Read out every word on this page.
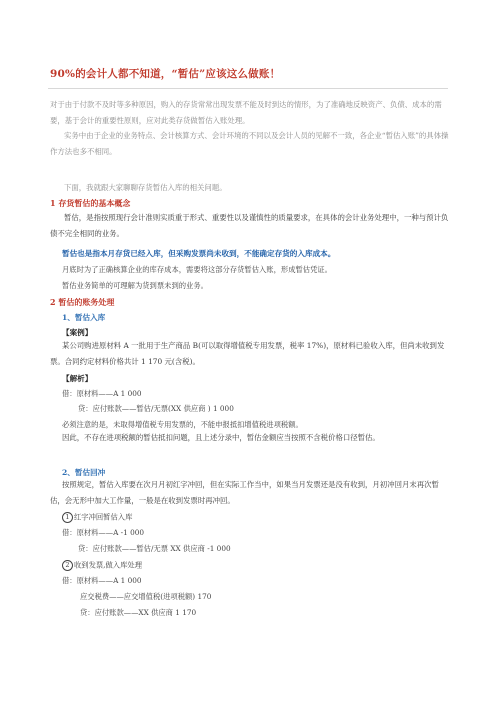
90%的会计人都不知道，“暂估”应该这么做账！
对于由于付款不及时等多种原因，购入的存货常常出现发票不能及时到达的情形，为了准确地反映资产、负债、成本的需要，基于会计的重要性原则，应对此类存货做暂估入账处理。
实务中由于企业的业务特点、会计核算方式、会计环境的不同以及会计人员的见解不一致，各企业“暂估入账”的具体操作方法也多不相同。
下面，我就跟大家聊聊存货暂估入库的相关问题。
1 存货暂估的基本概念
暂估，是指按照现行会计准则实质重于形式、重要性以及谨慎性的质量要求，在具体的会计业务处理中，一种与预计负债不完全相同的业务。
暂估也是指本月存货已经入库，但采购发票尚未收到，不能确定存货的入库成本。
月底时为了正确核算企业的库存成本，需要将这部分存货暂估入账，形成暂估凭证。
暂估业务简单的可理解为货到票未到的业务。
2 暂估的账务处理
1、暂估入库
【案例】
某公司购进原材料 A 一批用于生产商品 B(可以取得增值税专用发票，税率 17%)，原材料已验收入库，但尚未收到发票。合同约定材料价格共计 1 170 元(含税)。
【解析】
借：原材料——A 1 000
贷：应付账款——暂估/无票(XX 供应商 ) 1 000
必须注意的是，未取得增值税专用发票的，不能申报抵扣增值税进项税额。
因此，不存在进项税额的暂估抵扣问题，且上述分录中，暂估金额应当按照不含税价格口径暂估。
2、暂估回冲
按照规定，暂估入库要在次月月初红字冲回，但在实际工作当中，如果当月发票还是没有收到，月初冲回月末再次暂估，会无形中加大工作量，一般是在收到发票时再冲回。
1 红字冲回暂估入库
借：原材料——A -1 000
贷：应付账款——暂估/无票 XX 供应商 -1 000
2 收到发票,做入库处理
借：原材料——A 1 000
应交税费——应交增值税(进项税额) 170
贷：应付账款——XX 供应商 1 170
